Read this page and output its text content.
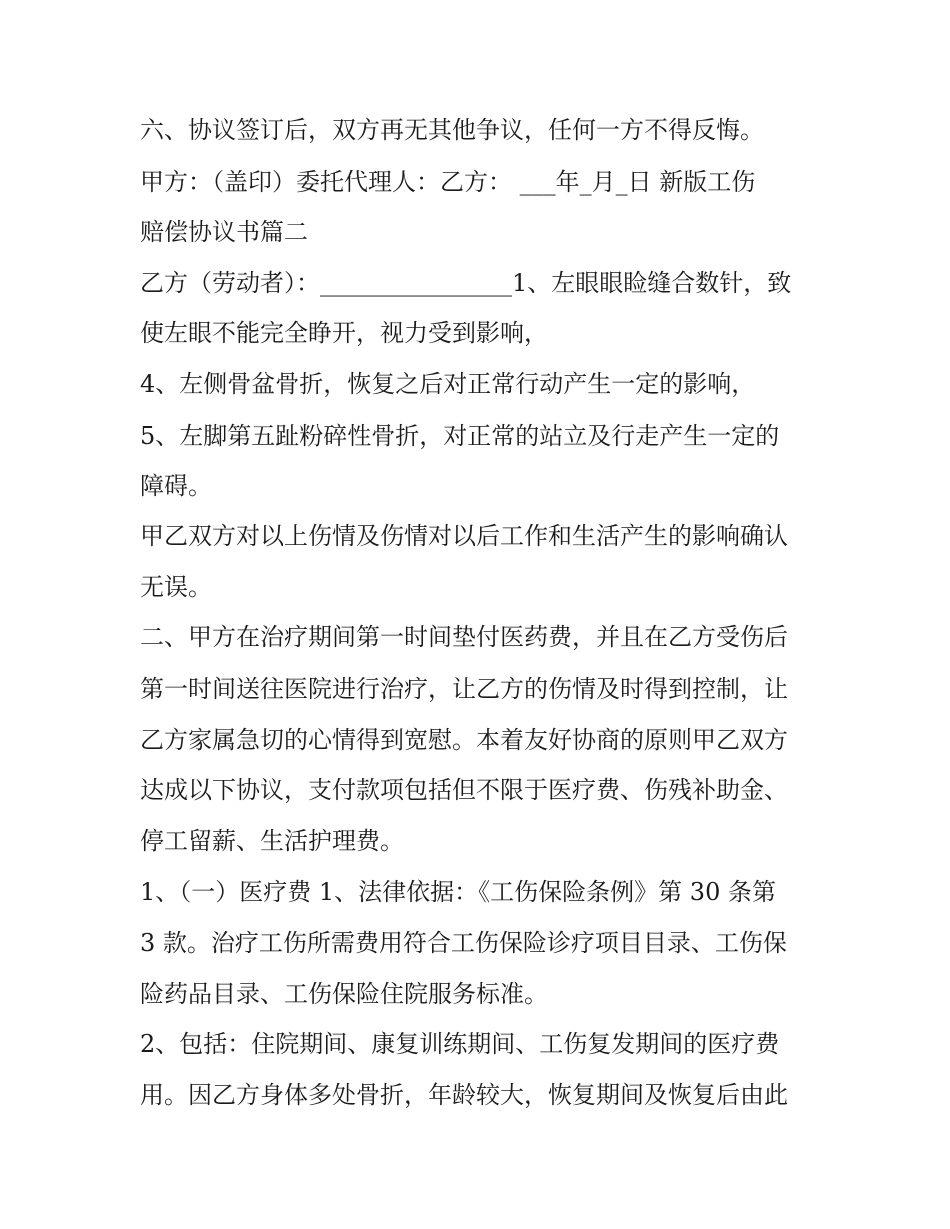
六、协议签订后，双方再无其他争议，任何一方不得反悔。
甲方：（盖印）委托代理人：乙方： ___年_月_日 新版工伤
赔偿协议书篇二
乙方（劳动者）：________________1、左眼眼睑缝合数针，致
使左眼不能完全睁开，视力受到影响，
4、左侧骨盆骨折，恢复之后对正常行动产生一定的影响，
5、左脚第五趾粉碎性骨折，对正常的站立及行走产生一定的
障碍。
甲乙双方对以上伤情及伤情对以后工作和生活产生的影响确认
无误。
二、甲方在治疗期间第一时间垫付医药费，并且在乙方受伤后
第一时间送往医院进行治疗，让乙方的伤情及时得到控制，让
乙方家属急切的心情得到宽慰。本着友好协商的原则甲乙双方
达成以下协议，支付款项包括但不限于医疗费、伤残补助金、
停工留薪、生活护理费。
1、（一）医疗费 1、法律依据：《工伤保险条例》第 30 条第
3 款。治疗工伤所需费用符合工伤保险诊疗项目目录、工伤保
险药品目录、工伤保险住院服务标准。
2、包括：住院期间、康复训练期间、工伤复发期间的医疗费
用。因乙方身体多处骨折，年龄较大，恢复期间及恢复后由此
